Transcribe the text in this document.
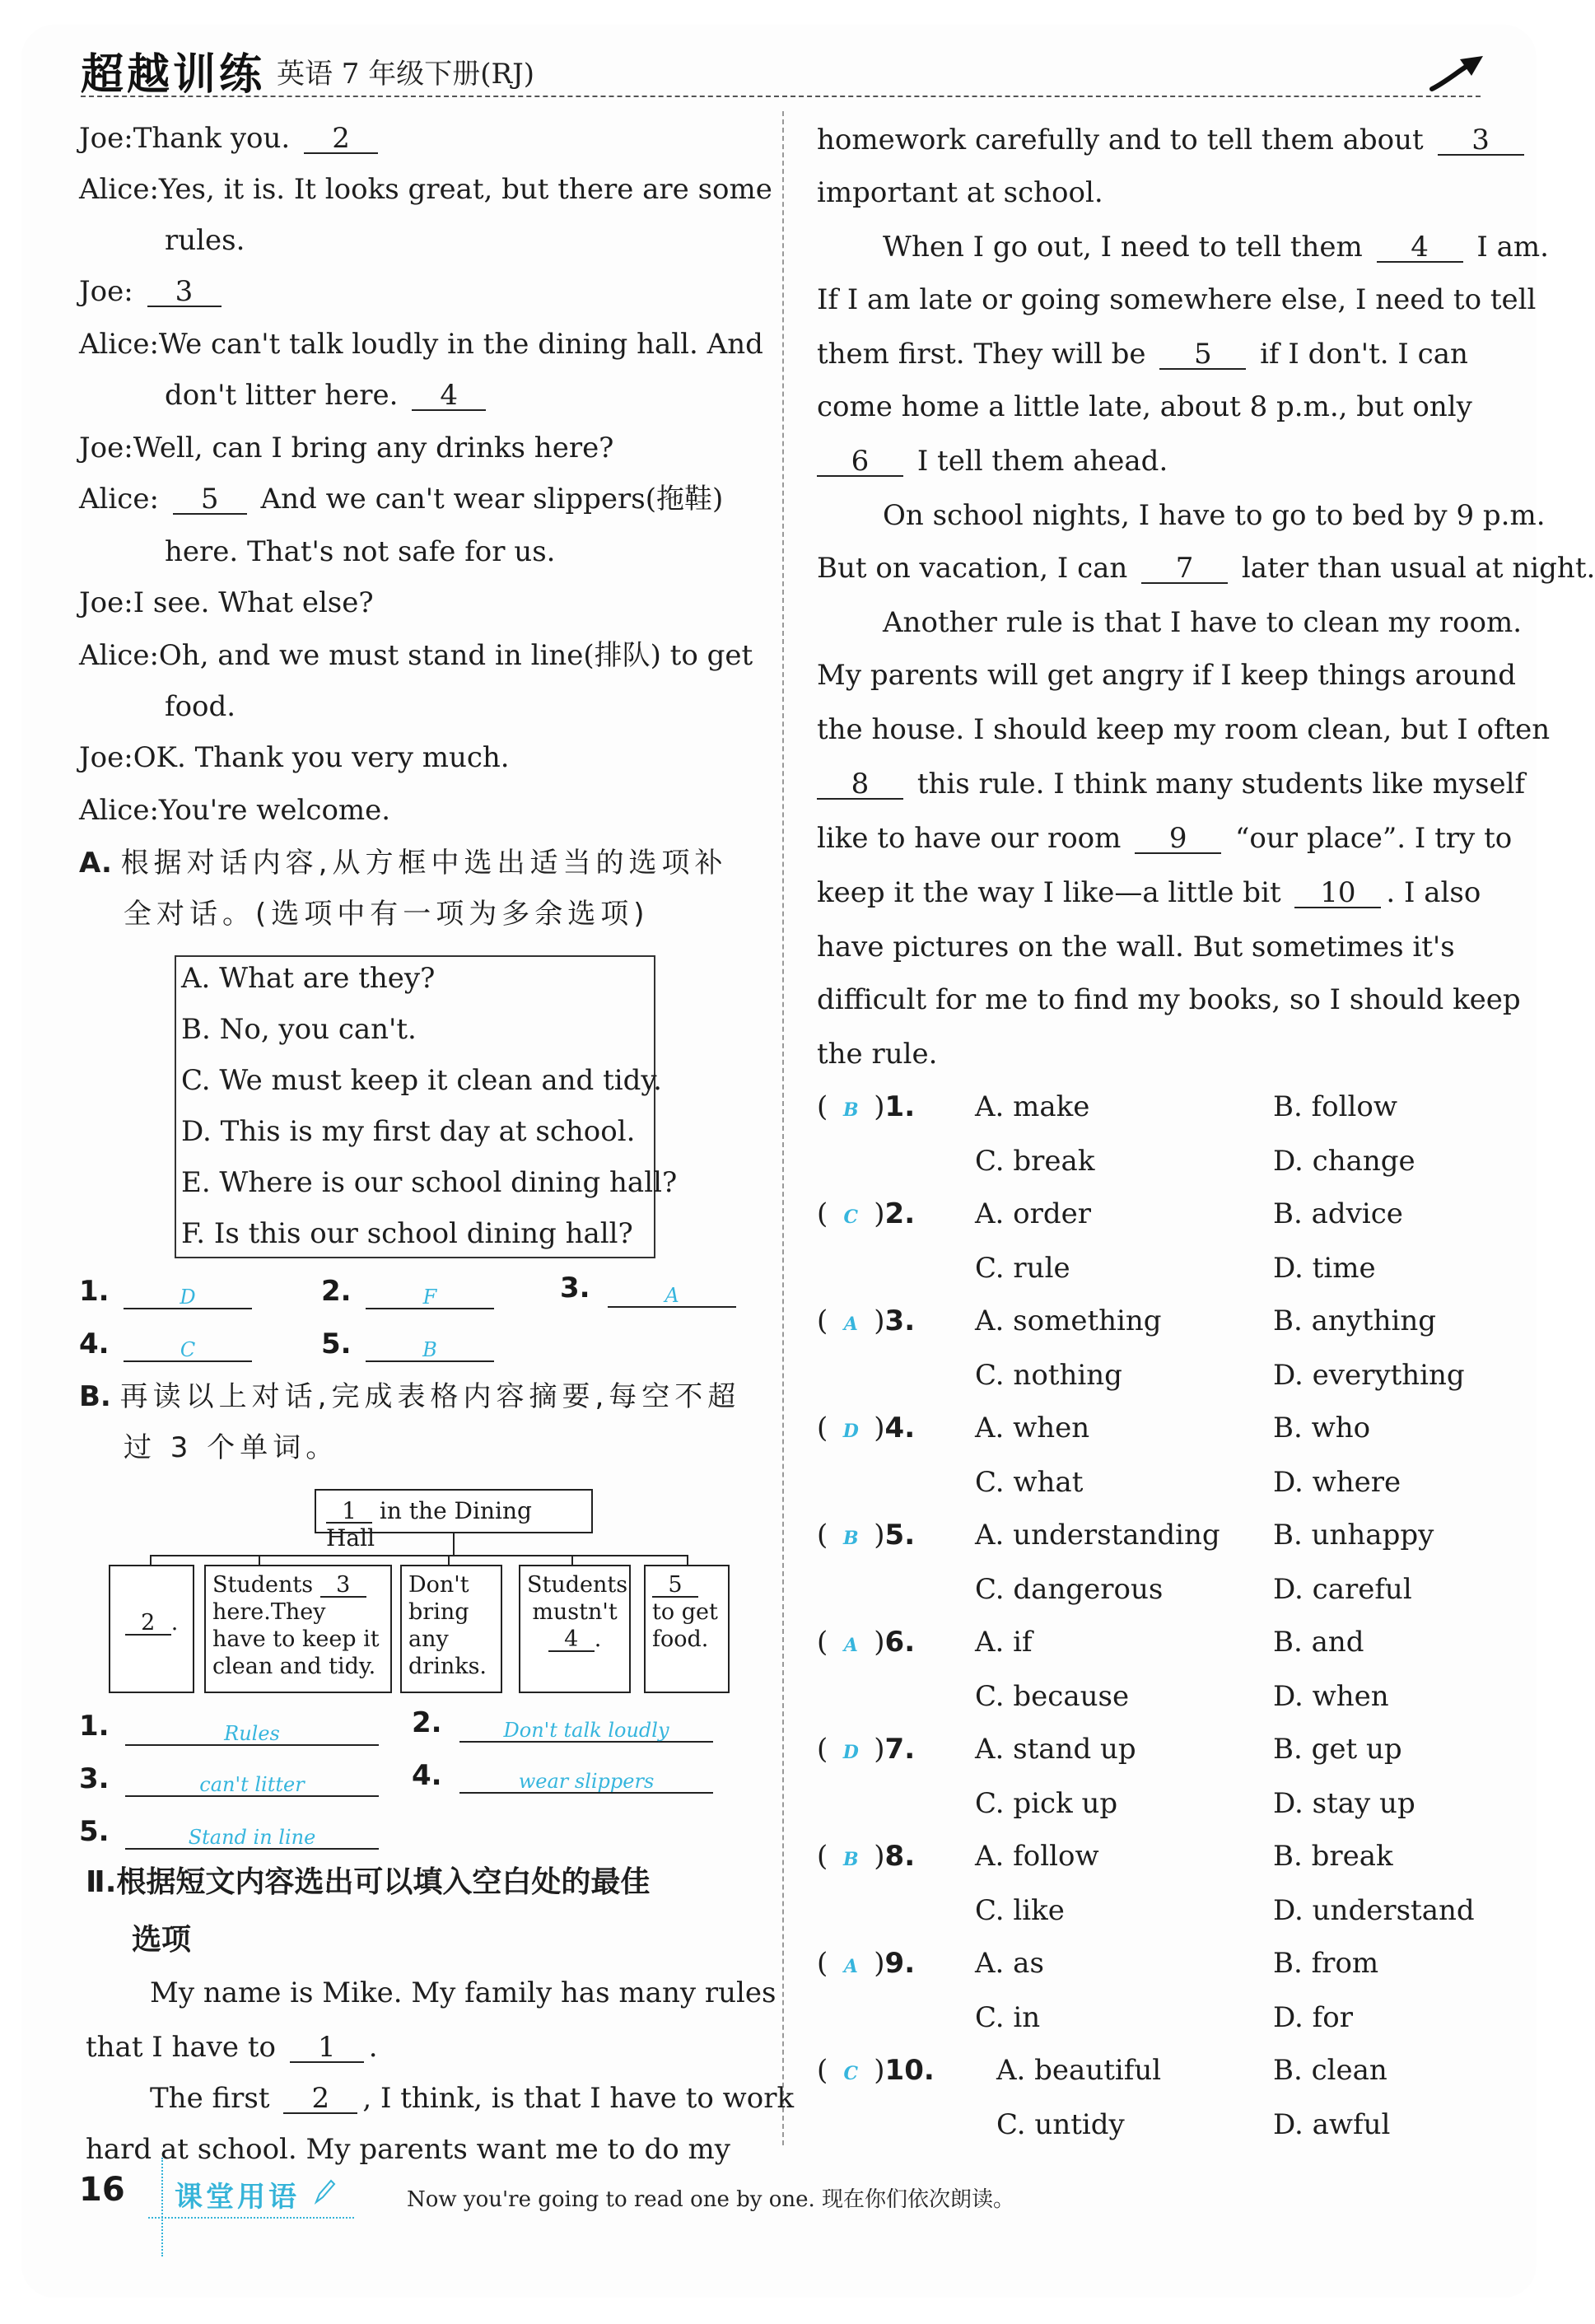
超越训练 英语 7 年级下册(RJ)
Joe:Thank you. 2
Alice:Yes, it is. It looks great, but there are some
rules.
Joe: 3
Alice:We can't talk loudly in the dining hall. And
don't litter here. 4
Joe:Well, can I bring any drinks here?
Alice: 5 And we can't wear slippers(拖鞋)
here. That's not safe for us.
Joe:I see. What else?
Alice:Oh, and we must stand in line(排队) to get
food.
Joe:OK. Thank you very much.
Alice:You're welcome.
A. 根据对话内容,从方框中选出适当的选项补
全对话。(选项中有一项为多余选项)
A. What are they?
B. No, you can't.
C. We must keep it clean and tidy.
D. This is my first day at school.
E. Where is our school dining hall?
F. Is this our school dining hall?
1.	D	2.	F	3.	A
4.	C	5.	B
B. 再读以上对话,完成表格内容摘要,每空不超
过 3 个单词。
1 in the Dining Hall
2 .
Students 3 here.They have to keep it clean and tidy.
Don't bring any drinks.
Students mustn't 4 .
5 to get food.
1.	Rules	2.	Don't talk loudly
3.	can't litter	4.	wear slippers
5.	Stand in line
Ⅱ.根据短文内容选出可以填入空白处的最佳
选项
My name is Mike. My family has many rules
that I have to 1 .
The first 2 , I think, is that I have to work
hard at school. My parents want me to do my
homework carefully and to tell them about 3
important at school.
When I go out, I need to tell them 4 I am.
If I am late or going somewhere else, I need to tell
them first. They will be 5 if I don't. I can
come home a little late, about 8 p.m., but only
6 I tell them ahead.
On school nights, I have to go to bed by 9 p.m.
But on vacation, I can 7 later than usual at night.
Another rule is that I have to clean my room.
My parents will get angry if I keep things around
the house. I should keep my room clean, but I often
8 this rule. I think many students like myself
like to have our room 9 “our place”. I try to
keep it the way I like—a little bit 10 . I also
have pictures on the wall. But sometimes it's
difficult for me to find my books, so I should keep
the rule.
( B )1. A. make	B. follow
C. break	D. change
( C )2. A. order	B. advice
C. rule	D. time
( A )3. A. something	B. anything
C. nothing	D. everything
( D )4. A. when	B. who
C. what	D. where
( B )5. A. understanding B. unhappy
C. dangerous	D. careful
( A )6. A. if	B. and
C. because	D. when
( D )7. A. stand up	B. get up
C. pick up	D. stay up
( B )8. A. follow	B. break
C. like	D. understand
( A )9. A. as	B. from
C. in	D. for
( C )10. A. beautiful	B. clean
C. untidy	D. awful
16 课堂用语	Now you're going to read one by one. 现在你们依次朗读。
